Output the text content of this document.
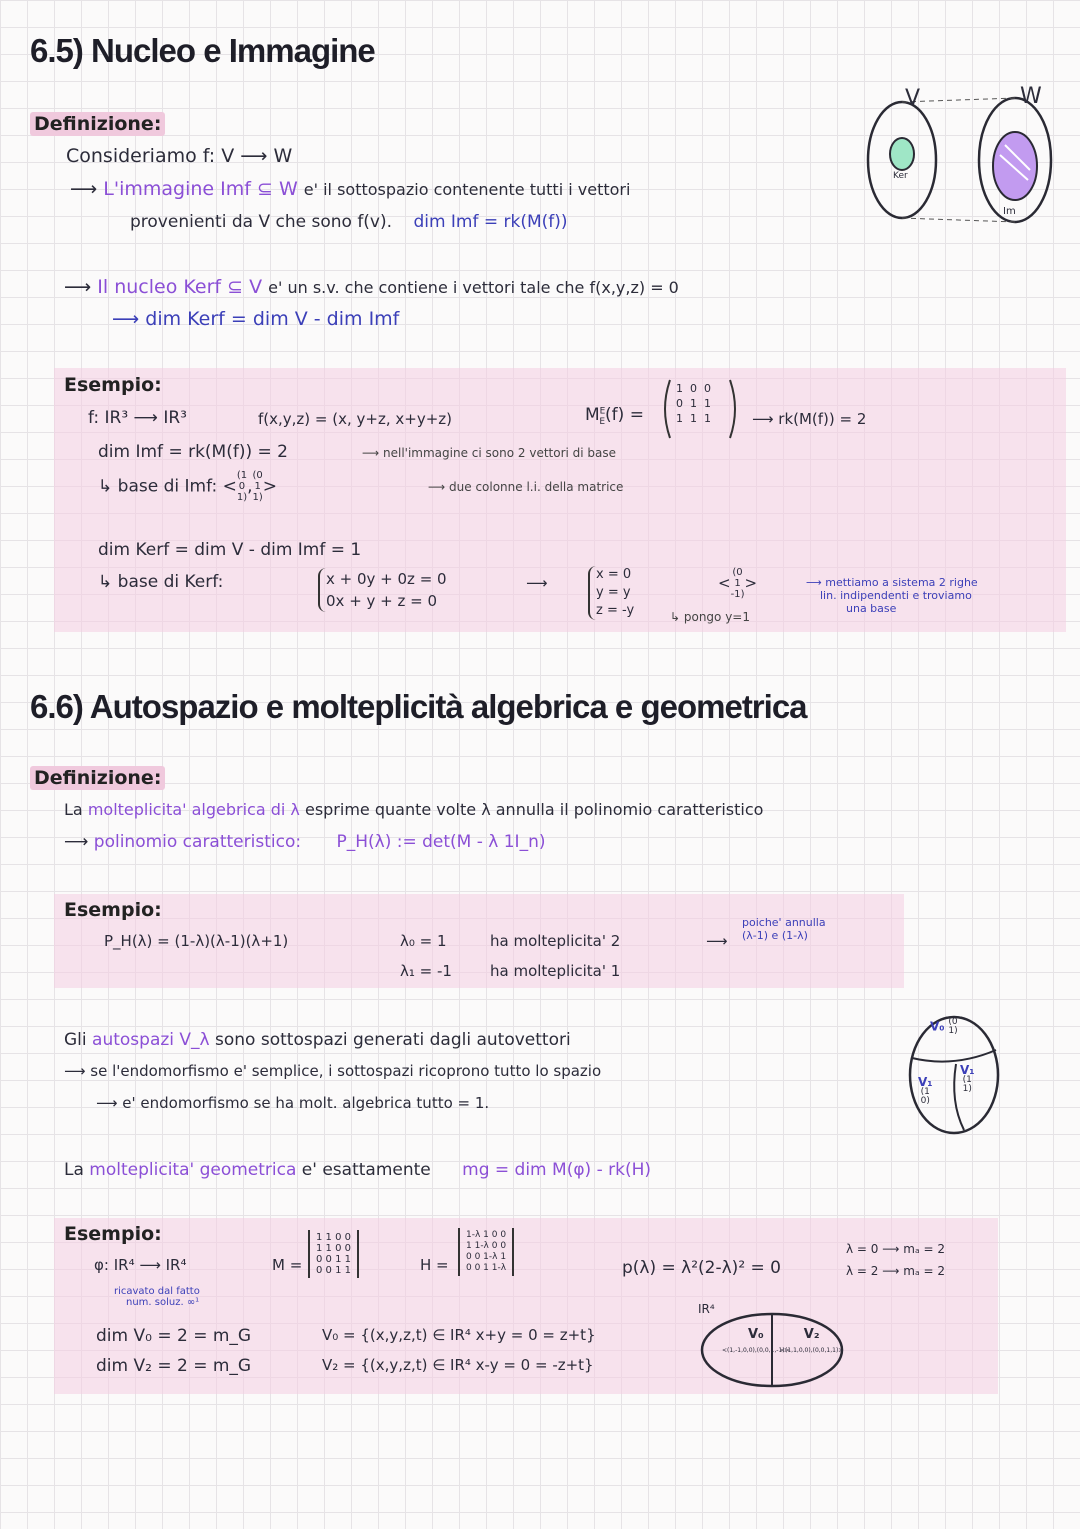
6.5) Nucleo e Immagine
Definizione:
Consideriamo f: V ⟶ W
⟶ L'immagine Imf ⊆ W e' il sottospazio contenente tutti i vettori
provenienti da V che sono f(v). dim Imf = rk(M(f))
⟶ Il nucleo Kerf ⊆ V e' un s.v. che contiene i vettori tale che f(x,y,z) = 0
⟶ dim Kerf = dim V - dim Imf
V	W
Ker
Im
Esempio:
f: IR³ ⟶ IR³	f(x,y,z) = (x, y+z, x+y+z)	$M^E_E(f)$ =
1 0 0
0 1 1
1 1 1	⟶ rk(M(f)) = 2
dim Imf = rk(M(f)) = 2	⟶ nell'immagine ci sono 2 vettori di base
↳ base di Imf: <(1
0
1),(0
1
1)>	⟶ due colonne l.i. della matrice
dim Kerf = dim V - dim Imf = 1
↳ base di Kerf:	x + 0y + 0z = 0
0x + y + z = 0
⟶	x = 0
y = y
z = -y	↳ pongo y=1
<(0
1
-1)>	⟶ mettiamo a sistema 2 righe
lin. indipendenti e troviamo
una base
6.6) Autospazio e molteplicità algebrica e geometrica
Definizione:
La molteplicita' algebrica di λ esprime quante volte λ annulla il polinomio caratteristico
⟶ polinomio caratteristico: P_H(λ) := det(M - λ 1I_n)
Esempio:
P_H(λ) = (1-λ)(λ-1)(λ+1)	λ₀ = 1	ha molteplicita' 2
λ₁ = -1	ha molteplicita' 1
⟶
poiche' annulla
(λ-1) e (1-λ)
Gli autospazi V_λ sono sottospazi generati dagli autovettori
⟶ se l'endomorfismo e' semplice, i sottospazi ricoprono tutto lo spazio
⟶ e' endomorfismo se ha molt. algebrica tutto = 1.
V₀ (0
1)
V₁
(1
0)
V₁
(1
1)
La molteplicita' geometrica e' esattamente mg = dim M(φ) - rk(H)
Esempio:
φ: IR⁴ ⟶ IR⁴
ricavato dal fatto
num. soluz. ∞¹
M =
1 1 0 0
1 1 0 0
0 0 1 1
0 0 1 1	H =
1-λ 1 0 0
1 1-λ 0 0
0 0 1-λ 1
0 0 1 1-λ	p(λ) = λ²(2-λ)² = 0
λ = 0 ⟶ mₐ = 2
λ = 2 ⟶ mₐ = 2
dim V₀ = 2 = m_G
dim V₂ = 2 = m_G
V₀ = {(x,y,z,t) ∈ IR⁴ x+y = 0 = z+t}
V₂ = {(x,y,z,t) ∈ IR⁴ x-y = 0 = -z+t}
IR⁴
V₀
<(1,-1,0,0),(0,0,1,-1)>
V₂
<(1,1,0,0),(0,0,1,1)>
